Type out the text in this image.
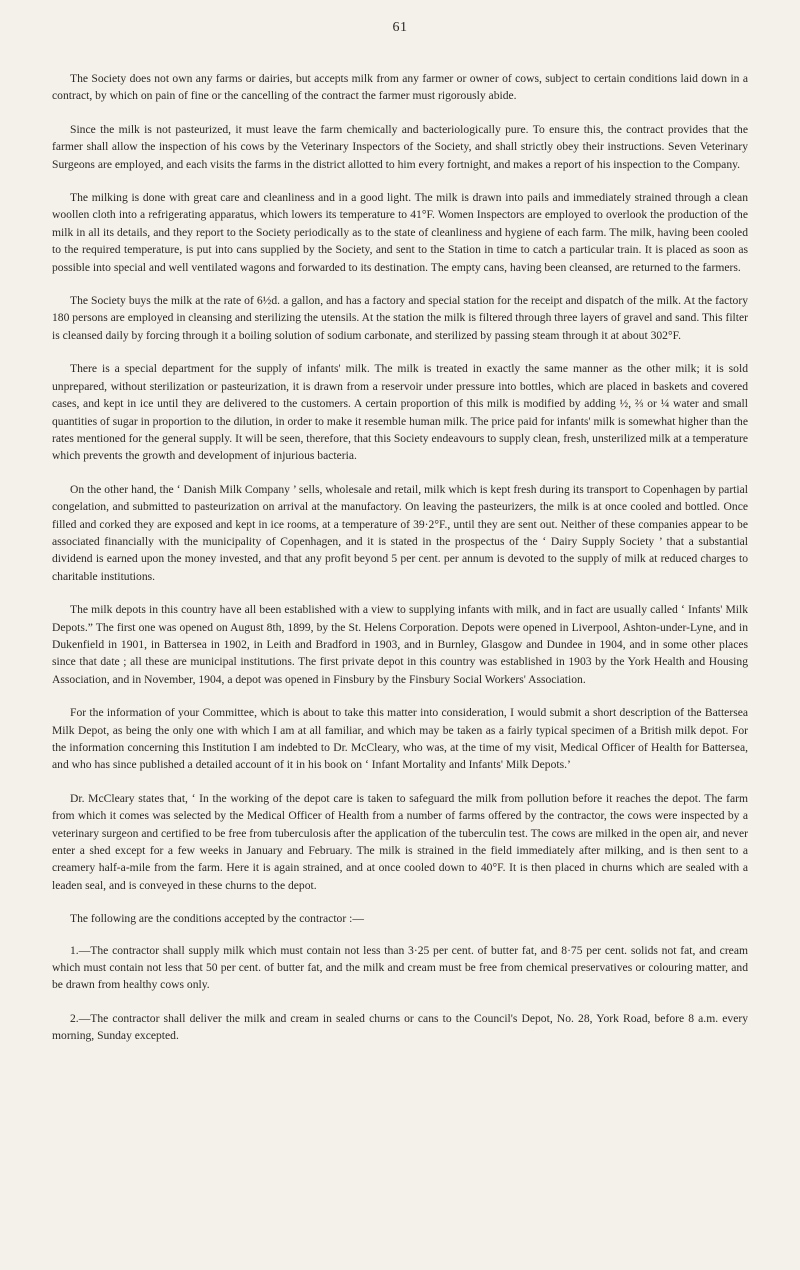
61

The Society does not own any farms or dairies, but accepts milk from any farmer or owner of cows, subject to certain conditions laid down in a contract, by which on pain of fine or the cancelling of the contract the farmer must rigorously abide.

Since the milk is not pasteurized, it must leave the farm chemically and bacteriologically pure. To ensure this, the contract provides that the farmer shall allow the inspection of his cows by the Veterinary Inspectors of the Society, and shall strictly obey their instructions. Seven Veterinary Surgeons are employed, and each visits the farms in the district allotted to him every fortnight, and makes a report of his inspection to the Company.

The milking is done with great care and cleanliness and in a good light. The milk is drawn into pails and immediately strained through a clean woollen cloth into a refrigerating apparatus, which lowers its temperature to 41°F. Women Inspectors are employed to overlook the production of the milk in all its details, and they report to the Society periodically as to the state of cleanliness and hygiene of each farm. The milk, having been cooled to the required temperature, is put into cans supplied by the Society, and sent to the Station in time to catch a particular train. It is placed as soon as possible into special and well ventilated wagons and forwarded to its destination. The empty cans, having been cleansed, are returned to the farmers.

The Society buys the milk at the rate of 6½d. a gallon, and has a factory and special station for the receipt and dispatch of the milk. At the factory 180 persons are employed in cleansing and sterilizing the utensils. At the station the milk is filtered through three layers of gravel and sand. This filter is cleansed daily by forcing through it a boiling solution of sodium carbonate, and sterilized by passing steam through it at about 302°F.

There is a special department for the supply of infants' milk. The milk is treated in exactly the same manner as the other milk; it is sold unprepared, without sterilization or pasteurization, it is drawn from a reservoir under pressure into bottles, which are placed in baskets and covered cases, and kept in ice until they are delivered to the customers. A certain proportion of this milk is modified by adding ½, ⅔ or ¼ water and small quantities of sugar in proportion to the dilution, in order to make it resemble human milk. The price paid for infants' milk is somewhat higher than the rates mentioned for the general supply. It will be seen, therefore, that this Society endeavours to supply clean, fresh, unsterilized milk at a temperature which prevents the growth and development of injurious bacteria.

On the other hand, the ‘ Danish Milk Company ’ sells, wholesale and retail, milk which is kept fresh during its transport to Copenhagen by partial congelation, and submitted to pasteurization on arrival at the manufactory. On leaving the pasteurizers, the milk is at once cooled and bottled. Once filled and corked they are exposed and kept in ice rooms, at a temperature of 39·2°F., until they are sent out. Neither of these companies appear to be associated financially with the municipality of Copenhagen, and it is stated in the prospectus of the ‘ Dairy Supply Society ’ that a substantial dividend is earned upon the money invested, and that any profit beyond 5 per cent. per annum is devoted to the supply of milk at reduced charges to charitable institutions.

The milk depots in this country have all been established with a view to supplying infants with milk, and in fact are usually called ‘ Infants' Milk Depots.” The first one was opened on August 8th, 1899, by the St. Helens Corporation. Depots were opened in Liverpool, Ashton-under-Lyne, and in Dukenfield in 1901, in Battersea in 1902, in Leith and Bradford in 1903, and in Burnley, Glasgow and Dundee in 1904, and in some other places since that date ; all these are municipal institutions. The first private depot in this country was established in 1903 by the York Health and Housing Association, and in November, 1904, a depot was opened in Finsbury by the Finsbury Social Workers' Association.

For the information of your Committee, which is about to take this matter into consideration, I would submit a short description of the Battersea Milk Depot, as being the only one with which I am at all familiar, and which may be taken as a fairly typical specimen of a British milk depot. For the information concerning this Institution I am indebted to Dr. McCleary, who was, at the time of my visit, Medical Officer of Health for Battersea, and who has since published a detailed account of it in his book on ‘ Infant Mortality and Infants' Milk Depots.’

Dr. McCleary states that, ‘ In the working of the depot care is taken to safeguard the milk from pollution before it reaches the depot. The farm from which it comes was selected by the Medical Officer of Health from a number of farms offered by the contractor, the cows were inspected by a veterinary surgeon and certified to be free from tuberculosis after the application of the tuberculin test. The cows are milked in the open air, and never enter a shed except for a few weeks in January and February. The milk is strained in the field immediately after milking, and is then sent to a creamery half-a-mile from the farm. Here it is again strained, and at once cooled down to 40°F. It is then placed in churns which are sealed with a leaden seal, and is conveyed in these churns to the depot.

The following are the conditions accepted by the contractor :—

1.—The contractor shall supply milk which must contain not less than 3·25 per cent. of butter fat, and 8·75 per cent. solids not fat, and cream which must contain not less that 50 per cent. of butter fat, and the milk and cream must be free from chemical preservatives or colouring matter, and be drawn from healthy cows only.

2.—The contractor shall deliver the milk and cream in sealed churns or cans to the Council's Depot, No. 28, York Road, before 8 a.m. every morning, Sunday excepted.
